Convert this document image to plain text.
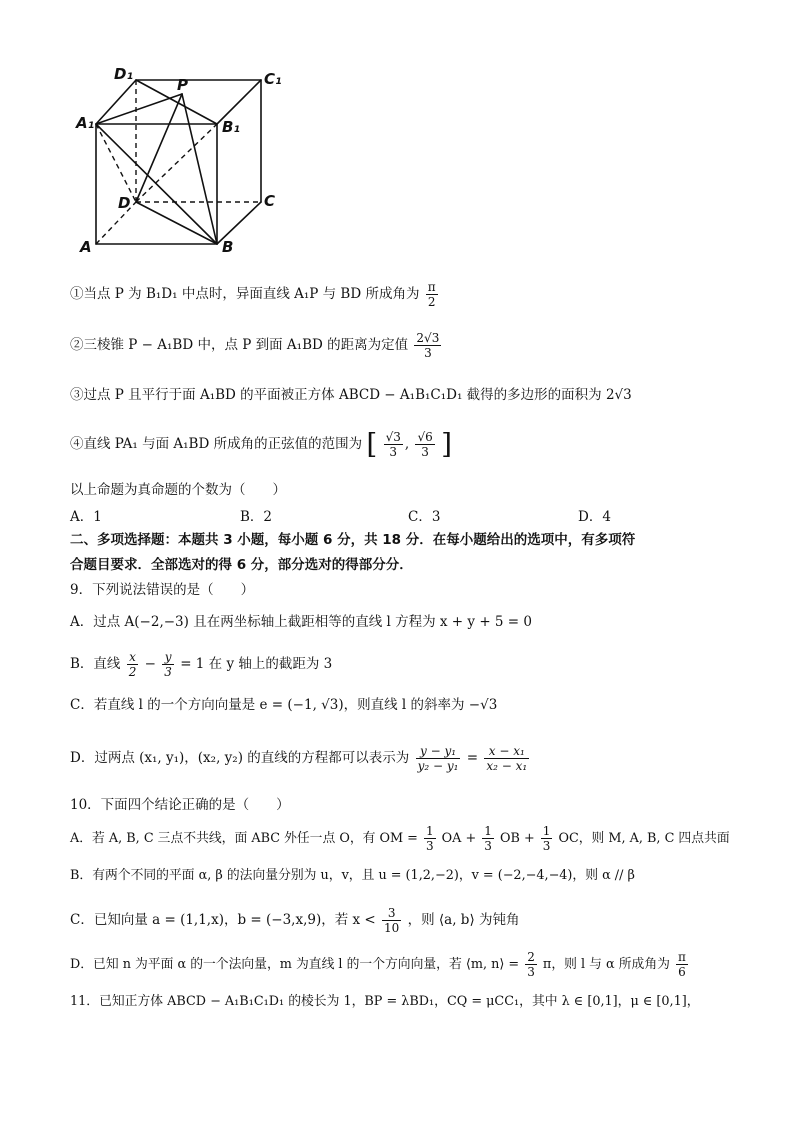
D₁	C₁
A₁	B₁
P
D	C
A	B
①当点 P 为 B₁D₁ 中点时，异面直线 A₁P 与 BD 所成角为 $\frac{\pi}{2}$
②三棱锥 P − A₁BD 中，点 P 到面 A₁BD 的距离为定值 $\frac{2√3}{3}$
③过点 P 且平行于面 A₁BD 的平面被正方体 ABCD − A₁B₁C₁D₁ 截得的多边形的面积为 2√3
④直线 PA₁ 与面 A₁BD 所成角的正弦值的范围为 [ $\frac{√3}{3}$ , $\frac{√6}{3}$ ]
以上命题为真命题的个数为（　　）
A．1	B．2	C．3	D．4
二、多项选择题：本题共 3 小题，每小题 6 分，共 18 分．在每小题给出的选项中，有多项符
合题目要求．全部选对的得 6 分，部分选对的得部分分．
9．下列说法错误的是（　　）
A．过点 A(−2,−3) 且在两坐标轴上截距相等的直线 l 方程为 x + y + 5 = 0
B．直线 $\frac{x}{2} - \frac{y}{3} = 1$ 在 y 轴上的截距为 3
C．若直线 l 的一个方向向量是 e = (−1, √3)，则直线 l 的斜率为 −√3
D．过两点 (x₁, y₁)，(x₂, y₂) 的直线的方程都可以表示为 $\frac{\text{y − y₁}}{\text{y₂ − y₁}} = \frac{\text{x − x₁}}{\text{x₂ − x₁}}$
10．下面四个结论正确的是（　　）
A．若 A, B, C 三点不共线，面 ABC 外任一点 O，有 OM = $\frac{1}{3}$ OA + $\frac{1}{3}$ OB + $\frac{1}{3}$ OC，则 M, A, B, C 四点共面
B．有两个不同的平面 α, β 的法向量分别为 u，v，且 u = (1,2,−2)，v = (−2,−4,−4)，则 α // β
C．已知向量 a = (1,1,x)，b = (−3,x,9)，若 $x < \frac{3}{10}$ ，则 ⟨a, b⟩ 为钝角
D．已知 n 为平面 α 的一个法向量，m 为直线 l 的一个方向向量，若 ⟨m, n⟩ = $\frac{2}{3}$ π，则 l 与 α 所成角为 $\frac{\pi}{6}$
11．已知正方体 ABCD − A₁B₁C₁D₁ 的棱长为 1，BP = λBD₁，CQ = μCC₁，其中 λ ∈ [0,1]，μ ∈ [0,1]，
